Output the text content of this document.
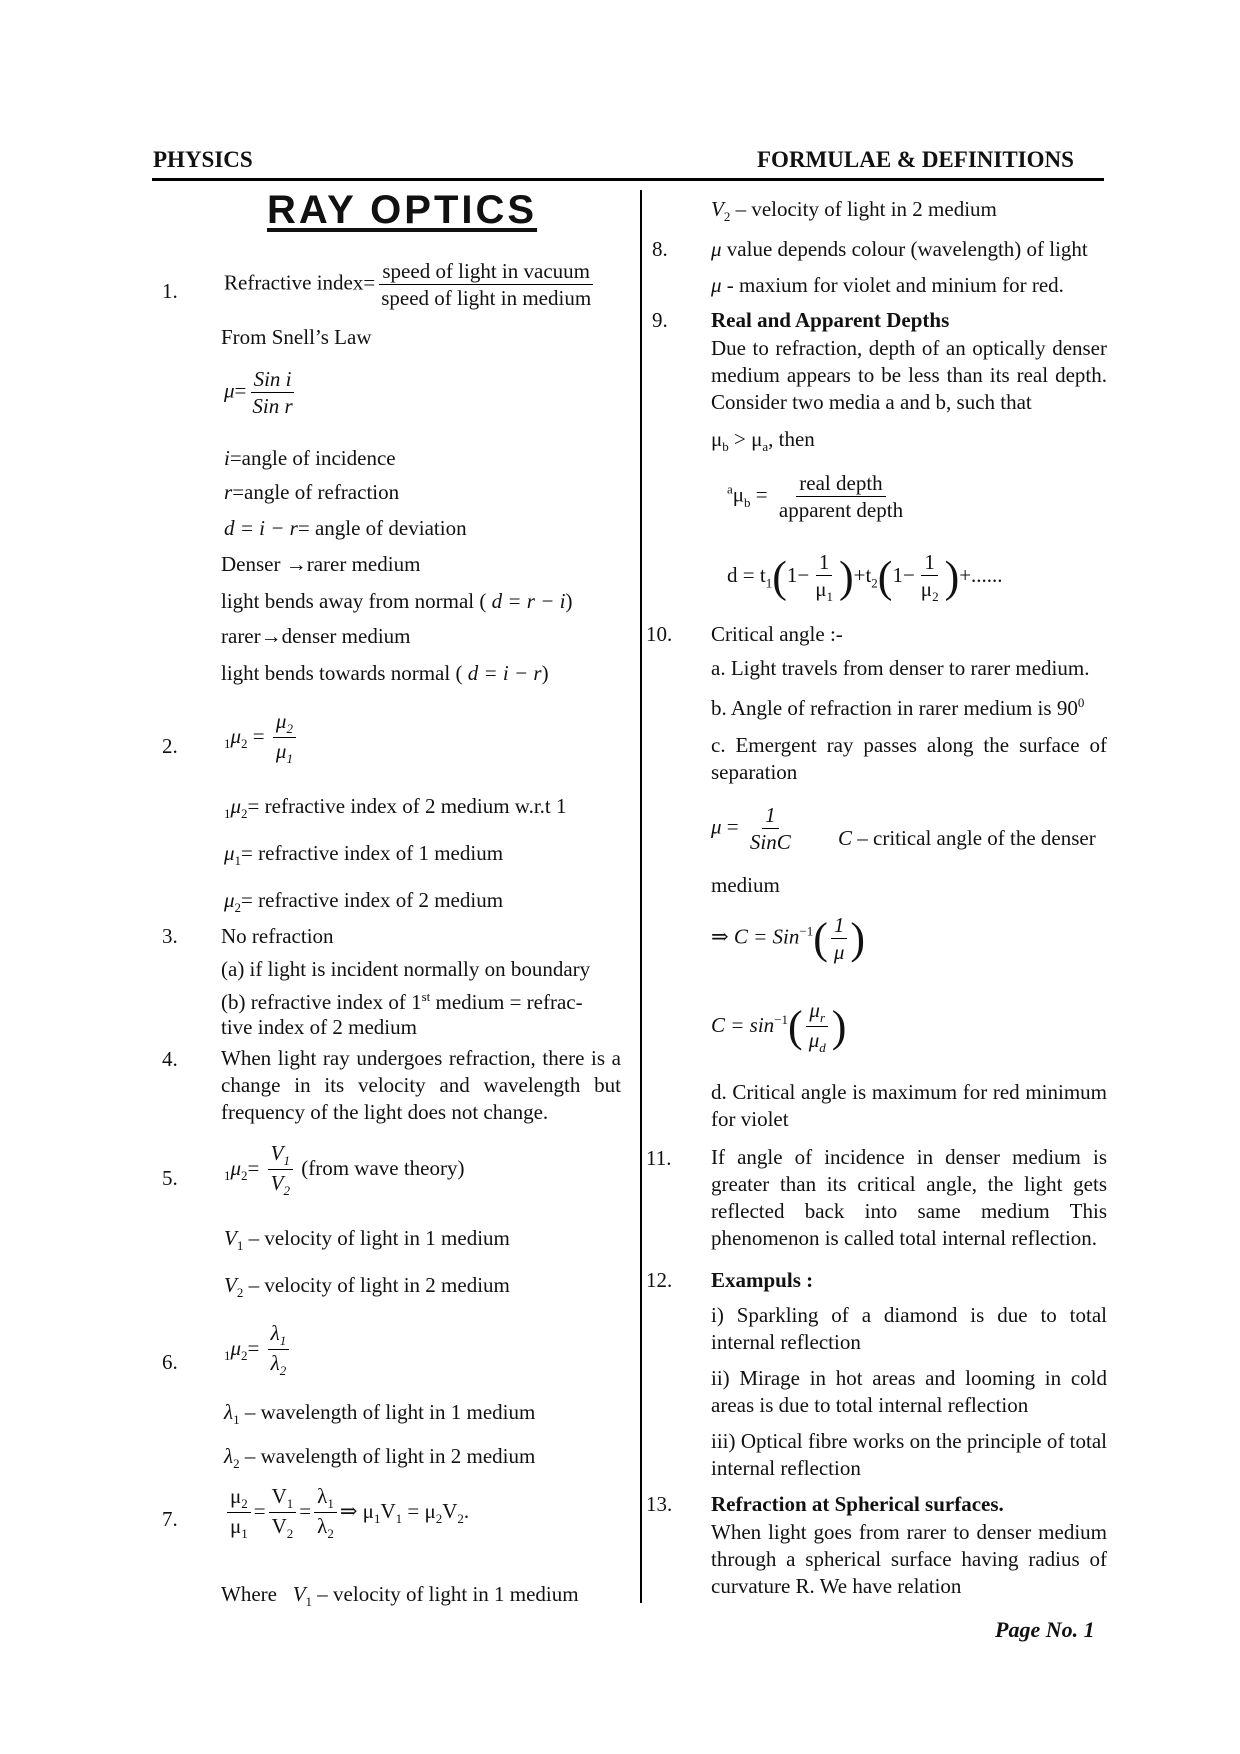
PHYSICS	FORMULAE & DEFINITIONS
RAY OPTICS
1. Refractive index= $\frac{\text{speed of light in vacuum}}{\text{speed of light in medium}}$
From Snell’s Law
$\mu= \frac{\text{Sin i}}{\text{Sin r}}$
i=angle of incidence
r=angle of refraction
d = i − r= angle of deviation
Denser →rarer medium
light bends away from normal ( d = r − i)
rarer→denser medium
light bends towards normal ( d = i − r)
2.	$_1\mu_2 = \frac{\mu_2}{\mu_1}$
$_1\mu_2=$ refractive index of 2 medium w.r.t 1
$\mu_1=$ refractive index of 1 medium
$\mu_2=$ refractive index of 2 medium
3. No refraction
(a) if light is incident normally on boundary
(b) refractive index of 1st medium = refrac-
tive index of 2 medium
4. When light ray undergoes refraction, there is a change in its velocity and wavelength but frequency of the light does not change.
5.	$_1\mu_2= \frac{V_1}{V_2}$ (from wave theory)
$V_1$ – velocity of light in 1 medium
$V_2$ – velocity of light in 2 medium
6.	$_1\mu_2= \frac{\lambda_1}{\lambda_2}$
$\lambda_1$ – wavelength of light in 1 medium
$\lambda_2$ – wavelength of light in 2 medium
7. $\frac{\mu_2}{\mu_1} = \frac{V_1}{V_2} = \frac{\lambda_1}{\lambda_2}$ ⇒ $\mu_1V_1 = \mu_2V_2$.
Where $V_1$ – velocity of light in 1 medium
$V_2$ – velocity of light in 2 medium
8. μ value depends colour (wavelength) of light
μ - maxium for violet and minium for red.
9. Real and Apparent Depths
Due to refraction, depth of an optically denser medium appears to be less than its real depth. Consider two media a and b, such that
$\mu_b > \mu_a$, then
$^a\mu_b = \frac{\text{real depth}}{\text{apparent depth}}$
$d = t_1(1- \frac{1}{\mu_1} )+t_2(1- \frac{1}{\mu_2}$ )+......
10. Critical angle :-
a. Light travels from denser to rarer medium.
b. Angle of refraction in rarer medium is $90^0$
c. Emergent ray passes along the surface of separation
$\mu = \frac{1}{\text{SinC}}$ C – critical angle of the denser
medium
⇒ $C = Sin^{-1}( \frac{1}{\mu}$ )
$C = \sin^{-1}( \frac{\mu_r}{\mu_d}$ )
d. Critical angle is maximum for red minimum for violet
11. If angle of incidence in denser medium is greater than its critical angle, the light gets reflected back into same medium This phenomenon is called total internal reflection.
12. Exampuls :
i) Sparkling of a diamond is due to total internal reflection
ii) Mirage in hot areas and looming in cold areas is due to total internal reflection
iii) Optical fibre works on the principle of total internal reflection
13. Refraction at Spherical surfaces.
When light goes from rarer to denser medium through a spherical surface having radius of curvature R. We have relation
Page No. 1
